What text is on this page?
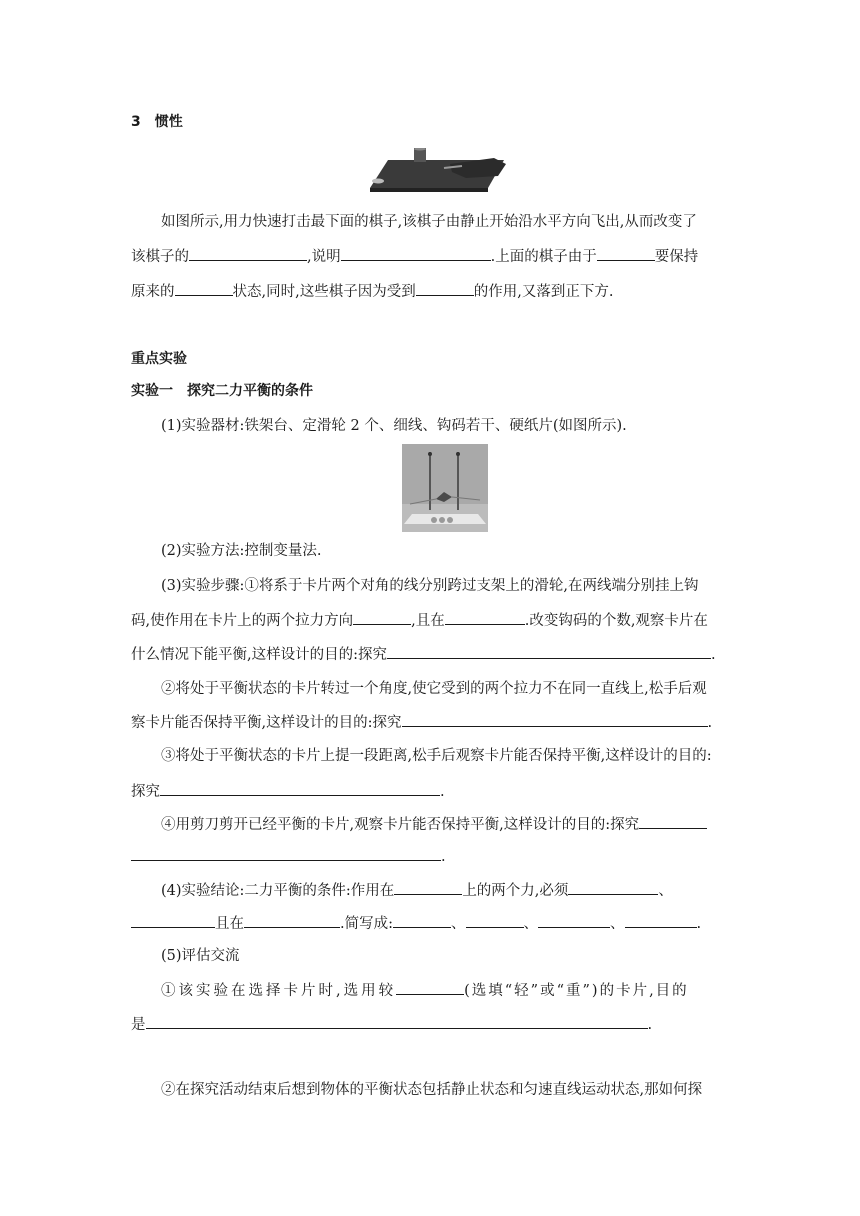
3　惯性
如图所示,用力快速打击最下面的棋子,该棋子由静止开始沿水平方向飞出,从而改变了
该棋子的	,说明	.上面的棋子由于	要保持
原来的	状态,同时,这些棋子因为受到	的作用,又落到正下方.
重点实验
实验一　探究二力平衡的条件
(1)实验器材:铁架台、定滑轮 2 个、细线、钩码若干、硬纸片(如图所示).
(2)实验方法:控制变量法.
(3)实验步骤:①将系于卡片两个对角的线分别跨过支架上的滑轮,在两线端分别挂上钩
码,使作用在卡片上的两个拉力方向	,且在	.改变钩码的个数,观察卡片在
什么情况下能平衡,这样设计的目的:探究	.
②将处于平衡状态的卡片转过一个角度,使它受到的两个拉力不在同一直线上,松手后观
察卡片能否保持平衡,这样设计的目的:探究	.
③将处于平衡状态的卡片上提一段距离,松手后观察卡片能否保持平衡,这样设计的目的:
探究	.
④用剪刀剪开已经平衡的卡片,观察卡片能否保持平衡,这样设计的目的:探究
.
(4)实验结论:二力平衡的条件:作用在	上的两个力,必须	、
且在	.简写成:	、	、	、	.
(5)评估交流
①该实验在选择卡片时,选用较	(选填“轻”或“重”)的卡片,目的
是	.
②在探究活动结束后想到物体的平衡状态包括静止状态和匀速直线运动状态,那如何探
